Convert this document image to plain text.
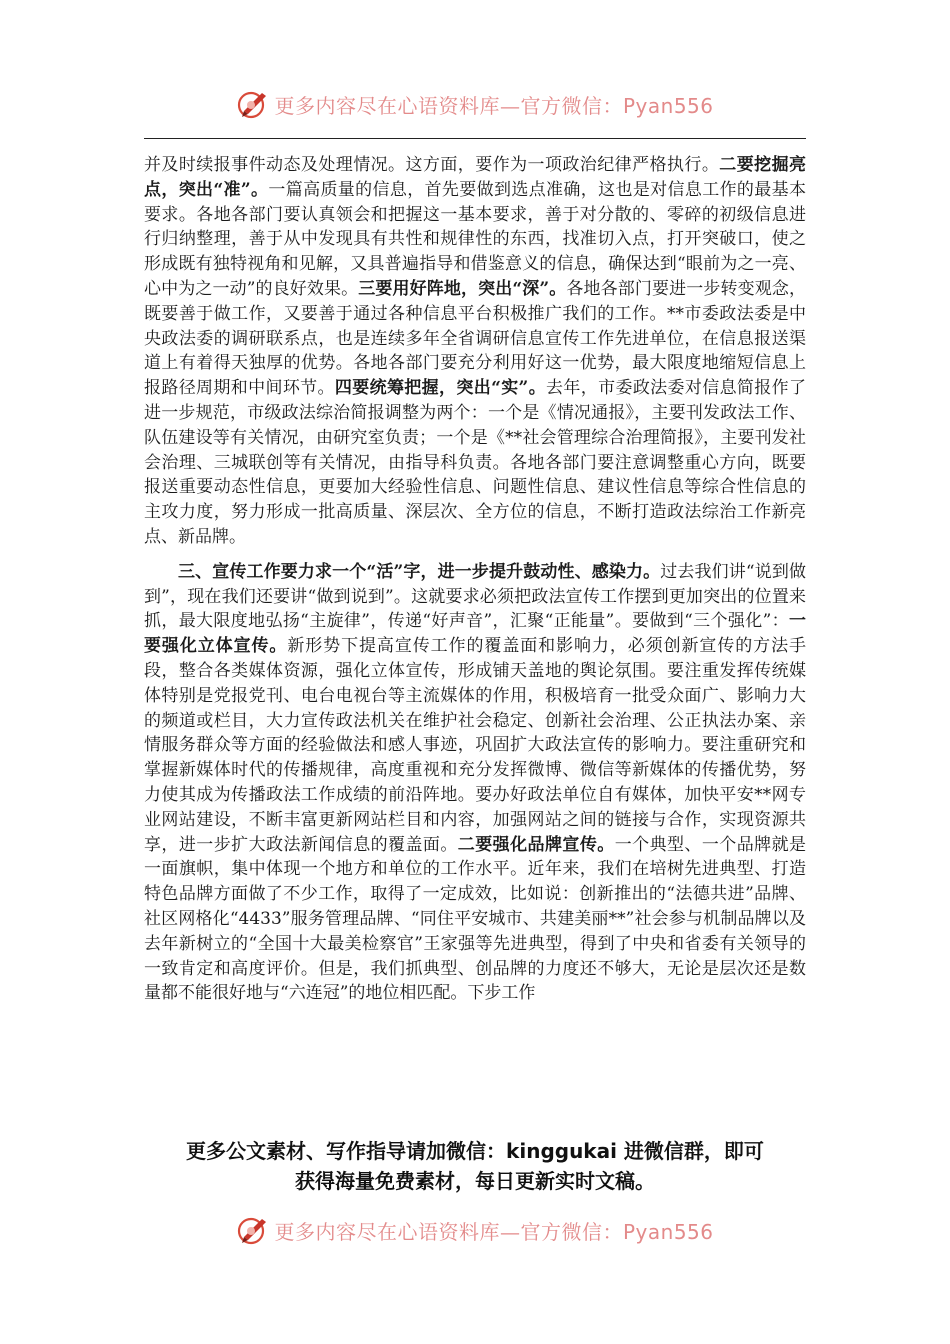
更多内容尽在心语资料库—官方微信：Pyan556

并及时续报事件动态及处理情况。这方面，要作为一项政治纪律严格执行。二要挖掘亮点，突出“准”。一篇高质量的信息，首先要做到选点准确，这也是对信息工作的最基本要求。各地各部门要认真领会和把握这一基本要求，善于对分散的、零碎的初级信息进行归纳整理，善于从中发现具有共性和规律性的东西，找准切入点，打开突破口，使之形成既有独特视角和见解，又具普遍指导和借鉴意义的信息，确保达到“眼前为之一亮、心中为之一动”的良好效果。三要用好阵地，突出“深”。各地各部门要进一步转变观念，既要善于做工作，又要善于通过各种信息平台积极推广我们的工作。**市委政法委是中央政法委的调研联系点，也是连续多年全省调研信息宣传工作先进单位，在信息报送渠道上有着得天独厚的优势。各地各部门要充分利用好这一优势，最大限度地缩短信息上报路径周期和中间环节。四要统筹把握，突出“实”。去年，市委政法委对信息简报作了进一步规范，市级政法综治简报调整为两个：一个是《情况通报》，主要刊发政法工作、队伍建设等有关情况，由研究室负责；一个是《**社会管理综合治理简报》，主要刊发社会治理、三城联创等有关情况，由指导科负责。各地各部门要注意调整重心方向，既要报送重要动态性信息，更要加大经验性信息、问题性信息、建议性信息等综合性信息的主攻力度，努力形成一批高质量、深层次、全方位的信息，不断打造政法综治工作新亮点、新品牌。

三、宣传工作要力求一个“活”字，进一步提升鼓动性、感染力。过去我们讲“说到做到”，现在我们还要讲“做到说到”。这就要求必须把政法宣传工作摆到更加突出的位置来抓，最大限度地弘扬“主旋律”，传递“好声音”，汇聚“正能量”。要做到“三个强化”：一要强化立体宣传。新形势下提高宣传工作的覆盖面和影响力，必须创新宣传的方法手段，整合各类媒体资源，强化立体宣传，形成铺天盖地的舆论氛围。要注重发挥传统媒体特别是党报党刊、电台电视台等主流媒体的作用，积极培育一批受众面广、影响力大的频道或栏目，大力宣传政法机关在维护社会稳定、创新社会治理、公正执法办案、亲情服务群众等方面的经验做法和感人事迹，巩固扩大政法宣传的影响力。要注重研究和掌握新媒体时代的传播规律，高度重视和充分发挥微博、微信等新媒体的传播优势，努力使其成为传播政法工作成绩的前沿阵地。要办好政法单位自有媒体，加快平安**网专业网站建设，不断丰富更新网站栏目和内容，加强网站之间的链接与合作，实现资源共享，进一步扩大政法新闻信息的覆盖面。二要强化品牌宣传。一个典型、一个品牌就是一面旗帜，集中体现一个地方和单位的工作水平。近年来，我们在培树先进典型、打造特色品牌方面做了不少工作，取得了一定成效，比如说：创新推出的“法德共进”品牌、社区网格化“4433”服务管理品牌、“同住平安城市、共建美丽**”社会参与机制品牌以及去年新树立的“全国十大最美检察官”王家强等先进典型，得到了中央和省委有关领导的一致肯定和高度评价。但是，我们抓典型、创品牌的力度还不够大，无论是层次还是数量都不能很好地与“六连冠”的地位相匹配。下步工作

更多公文素材、写作指导请加微信：kinggukai 进微信群，即可
获得海量免费素材，每日更新实时文稿。
更多内容尽在心语资料库—官方微信：Pyan556
